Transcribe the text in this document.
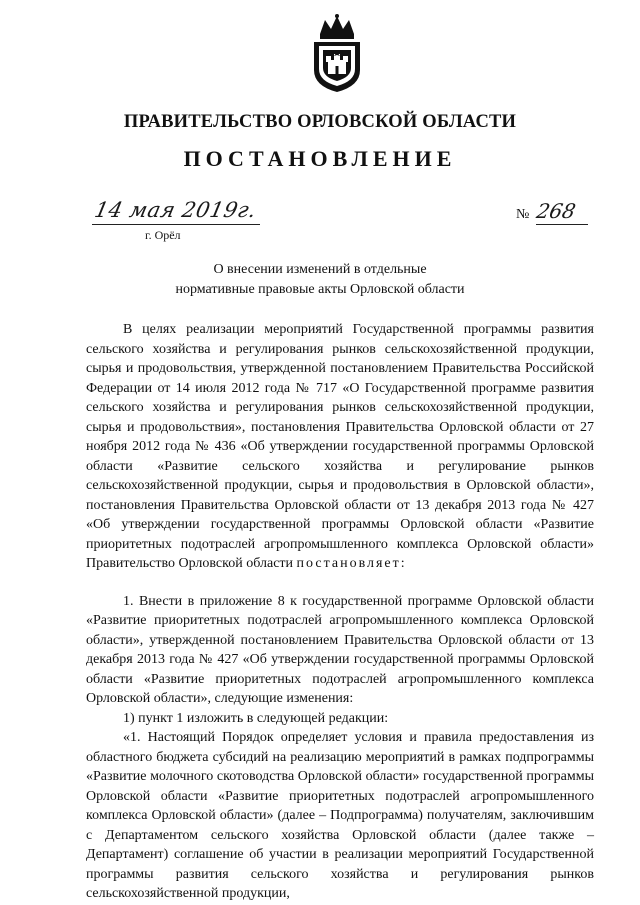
ПРАВИТЕЛЬСТВО ОРЛОВСКОЙ ОБЛАСТИ
ПОСТАНОВЛЕНИЕ
14 мая 2019г.
г. Орёл
№ 268
О внесении изменений в отдельные
нормативные правовые акты Орловской области

В целях реализации мероприятий Государственной программы развития сельского хозяйства и регулирования рынков сельскохозяйственной продукции, сырья и продовольствия, утвержденной постановлением Правительства Российской Федерации от 14 июля 2012 года № 717 «О Государственной программе развития сельского хозяйства и регулирования рынков сельскохозяйственной продукции, сырья и продовольствия», постановления Правительства Орловской области от 27 ноября 2012 года № 436 «Об утверждении государственной программы Орловской области «Развитие сельского хозяйства и регулирование рынков сельскохозяйственной продукции, сырья и продовольствия в Орловской области», постановления Правительства Орловской области от 13 декабря 2013 года № 427 «Об утверждении государственной программы Орловской области «Развитие приоритетных подотраслей агропромышленного комплекса Орловской области» Правительство Орловской области постановляет:

1. Внести в приложение 8 к государственной программе Орловской области «Развитие приоритетных подотраслей агропромышленного комплекса Орловской области», утвержденной постановлением Правительства Орловской области от 13 декабря 2013 года № 427 «Об утверждении государственной программы Орловской области «Развитие приоритетных подотраслей агропромышленного комплекса Орловской области», следующие изменения:

1) пункт 1 изложить в следующей редакции:

«1. Настоящий Порядок определяет условия и правила предоставления из областного бюджета субсидий на реализацию мероприятий в рамках подпрограммы «Развитие молочного скотоводства Орловской области» государственной программы Орловской области «Развитие приоритетных подотраслей агропромышленного комплекса Орловской области» (далее – Подпрограмма) получателям, заключившим с Департаментом сельского хозяйства Орловской области (далее также – Департамент) соглашение об участии в реализации мероприятий Государственной программы развития сельского хозяйства и регулирования рынков сельскохозяйственной продукции,
